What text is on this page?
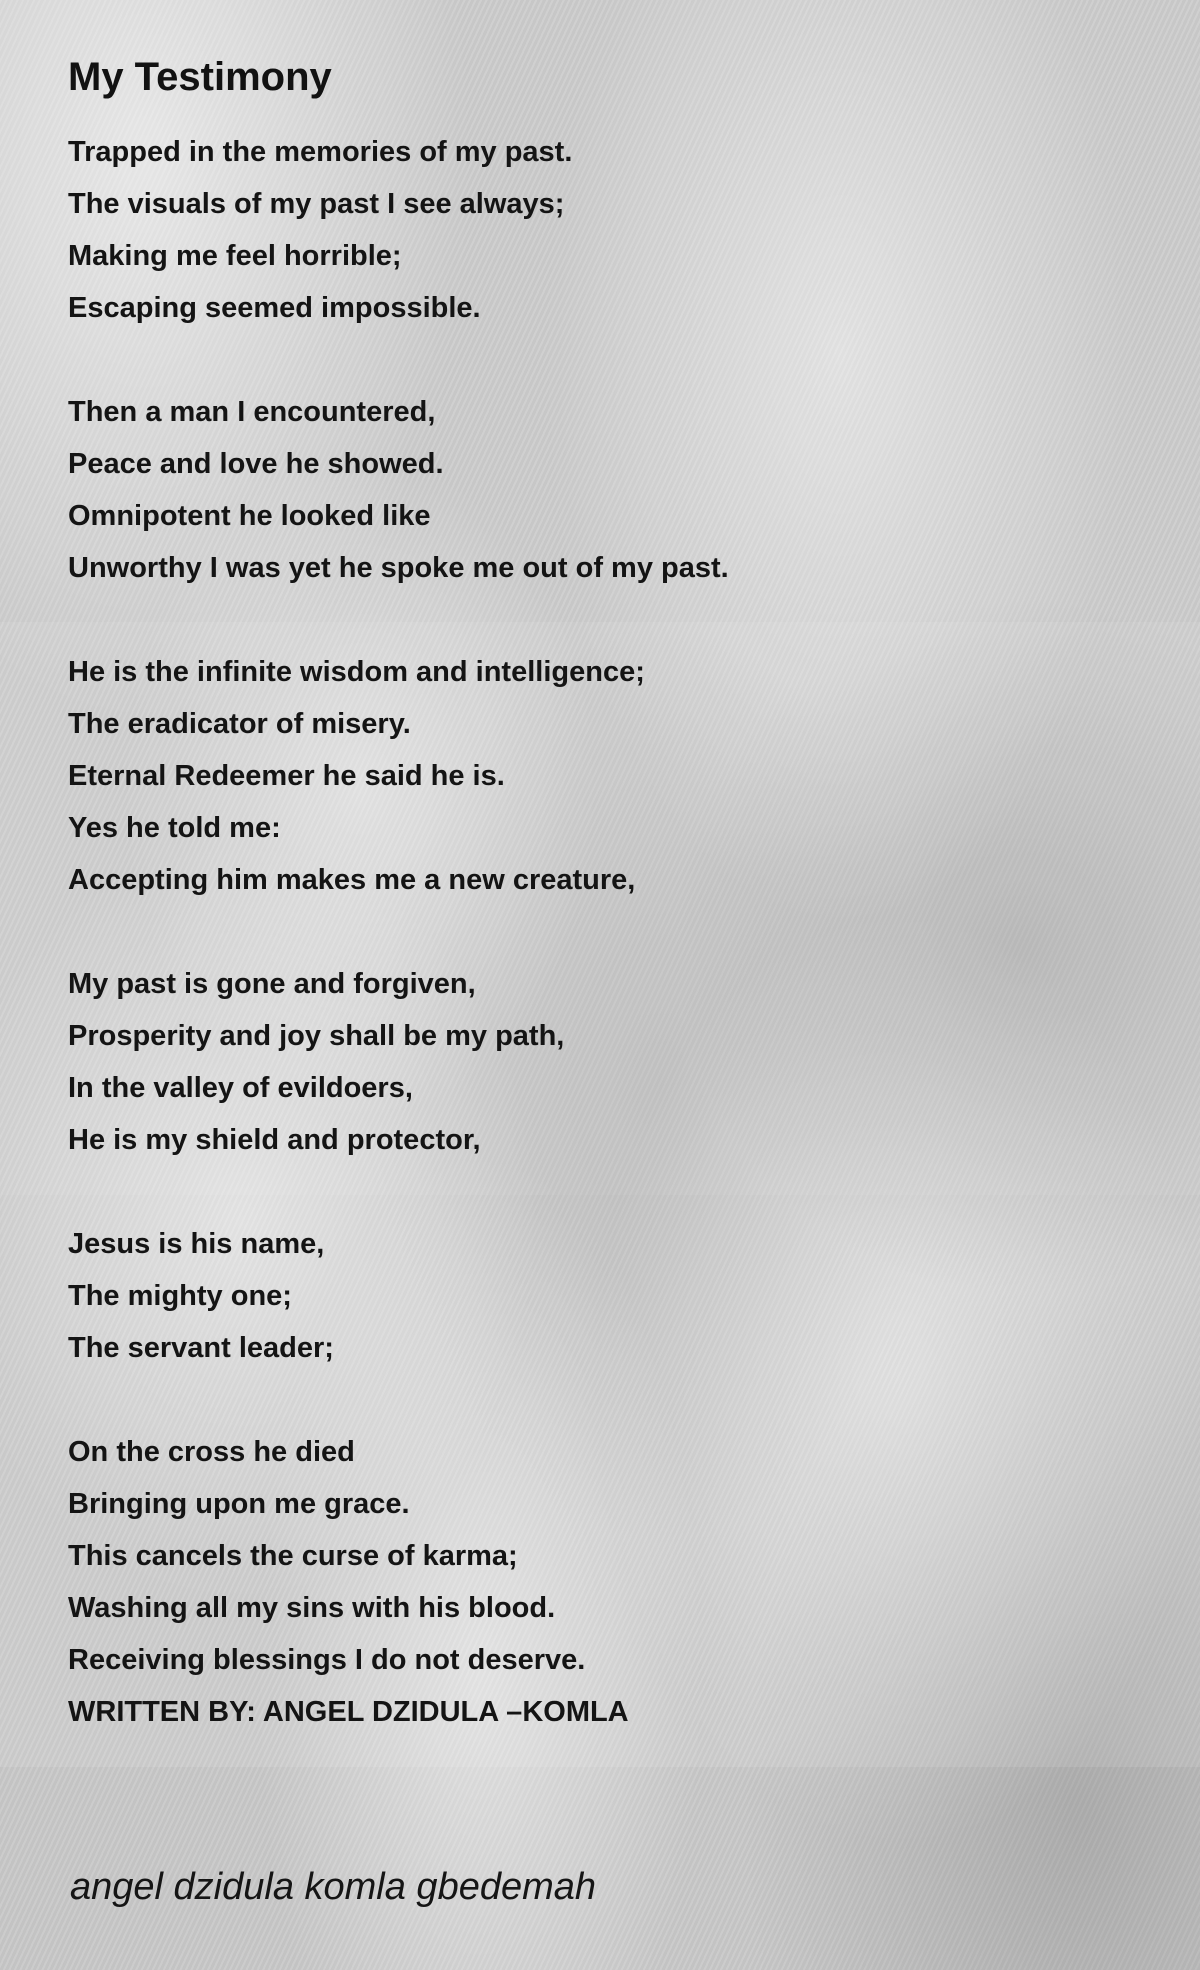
My Testimony
Trapped in the memories of my past.
The visuals of my past I see always;
Making me feel horrible;
Escaping seemed impossible.
Then a man I encountered,
Peace and love he showed.
Omnipotent he looked like
Unworthy I was yet he spoke me out of my past.
He is the infinite wisdom and intelligence;
The eradicator of misery.
Eternal Redeemer he said he is.
Yes he told me:
Accepting him makes me a new creature,
My past is gone and forgiven,
Prosperity and joy shall be my path,
In the valley of evildoers,
He is my shield and protector,
Jesus is his name,
The mighty one;
The servant leader;
On the cross he died
Bringing upon me grace.
This cancels the curse of karma;
Washing all my sins with his blood.
Receiving blessings I do not deserve.
WRITTEN BY: ANGEL DZIDULA –KOMLA
angel dzidula komla gbedemah
